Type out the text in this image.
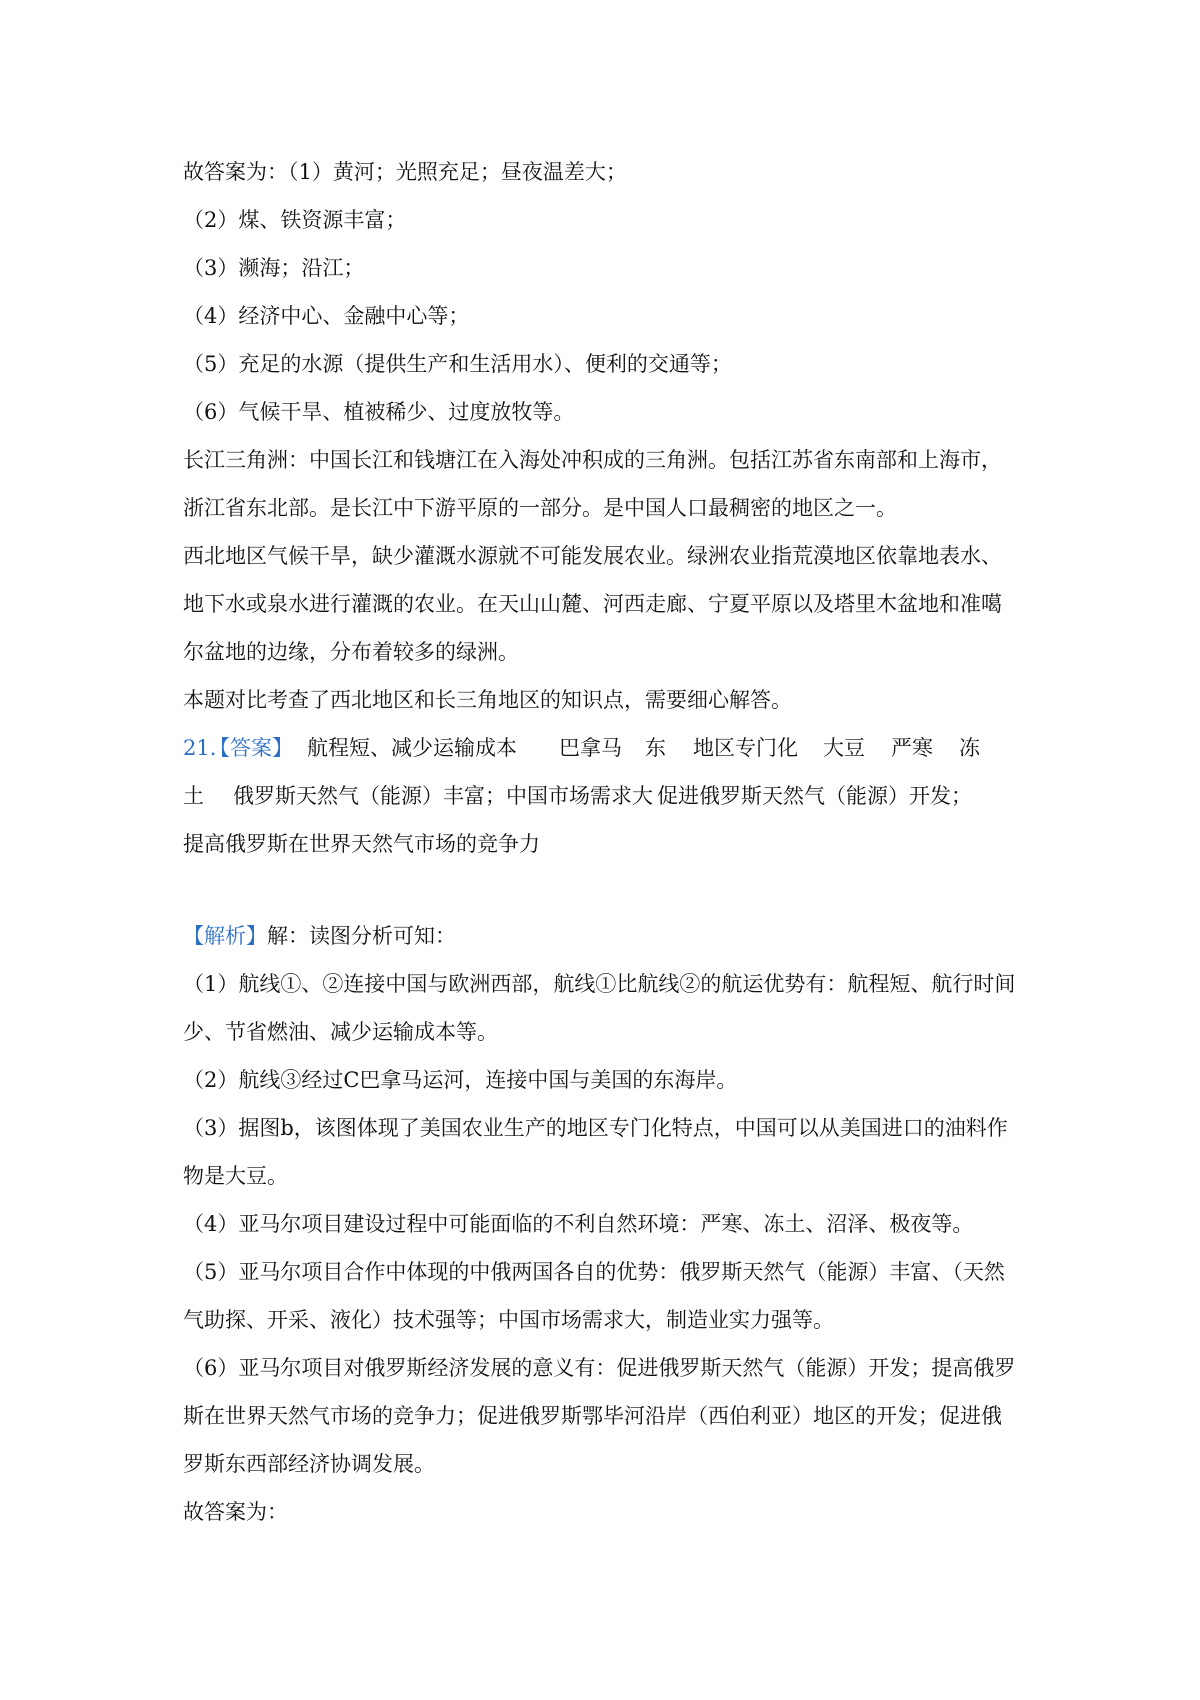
故答案为：（1）黄河；光照充足；昼夜温差大；
（2）煤、铁资源丰富；
（3）濒海；沿江；
（4）经济中心、金融中心等；
（5）充足的水源（提供生产和生活用水）、便利的交通等；
（6）气候干旱、植被稀少、过度放牧等。
长江三角洲：中国长江和钱塘江在入海处冲积成的三角洲。包括江苏省东南部和上海市，
浙江省东北部。是长江中下游平原的一部分。是中国人口最稠密的地区之一。
西北地区气候干旱，缺少灌溉水源就不可能发展农业。绿洲农业指荒漠地区依靠地表水、
地下水或泉水进行灌溉的农业。在天山山麓、河西走廊、宁夏平原以及塔里木盆地和准噶
尔盆地的边缘，分布着较多的绿洲。
本题对比考查了西北地区和长三角地区的知识点，需要细心解答。
21.【答案】 航程短、减少运输成本 巴拿马 东 地区专门化 大豆 严寒 冻
土 俄罗斯天然气（能源）丰富；中国市场需求大 促进俄罗斯天然气（能源）开发；
提高俄罗斯在世界天然气市场的竞争力
【解析】解：读图分析可知：
（1）航线①、②连接中国与欧洲西部，航线①比航线②的航运优势有：航程短、航行时间
少、节省燃油、减少运输成本等。
（2）航线③经过C巴拿马运河，连接中国与美国的东海岸。
（3）据图b，该图体现了美国农业生产的地区专门化特点，中国可以从美国进口的油料作
物是大豆。
（4）亚马尔项目建设过程中可能面临的不利自然环境：严寒、冻土、沼泽、极夜等。
（5）亚马尔项目合作中体现的中俄两国各自的优势：俄罗斯天然气（能源）丰富、（天然
气助探、开采、液化）技术强等；中国市场需求大，制造业实力强等。
（6）亚马尔项目对俄罗斯经济发展的意义有：促进俄罗斯天然气（能源）开发；提高俄罗
斯在世界天然气市场的竞争力；促进俄罗斯鄂毕河沿岸（西伯利亚）地区的开发；促进俄
罗斯东西部经济协调发展。
故答案为：
